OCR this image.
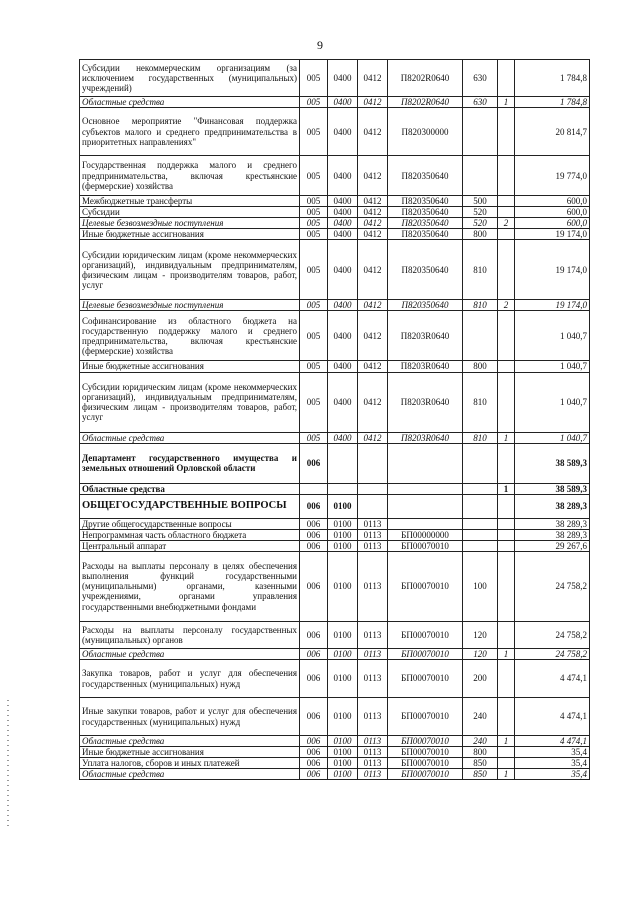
9
Субсидии некоммерческим организациям (за исключением государственных (муниципальных) учреждений)	005	0400	0412	П8202R0640	630		1 784,8
Областные средства	005	0400	0412	П8202R0640	630	1	1 784,8
Основное мероприятие "Финансовая поддержка субъектов малого и среднего предпринимательства в приоритетных направлениях"	005	0400	0412	П820300000			20 814,7
Государственная поддержка малого и среднего предпринимательства, включая крестьянские (фермерские) хозяйства	005	0400	0412	П820350640			19 774,0
Межбюджетные трансферты	005	0400	0412	П820350640	500		600,0
Субсидии	005	0400	0412	П820350640	520		600,0
Целевые безвозмездные поступления	005	0400	0412	П820350640	520	2	600,0
Иные бюджетные ассигнования	005	0400	0412	П820350640	800		19 174,0
Субсидии юридическим лицам (кроме некоммерческих организаций), индивидуальным предпринимателям, физическим лицам - производителям товаров, работ, услуг	005	0400	0412	П820350640	810		19 174,0
Целевые безвозмездные поступления	005	0400	0412	П820350640	810	2	19 174,0
Софинансирование из областного бюджета на государственную поддержку малого и среднего предпринимательства, включая крестьянские (фермерские) хозяйства	005	0400	0412	П8203R0640			1 040,7
Иные бюджетные ассигнования	005	0400	0412	П8203R0640	800		1 040,7
Субсидии юридическим лицам (кроме некоммерческих организаций), индивидуальным предпринимателям, физическим лицам - производителям товаров, работ, услуг	005	0400	0412	П8203R0640	810		1 040,7
Областные средства	005	0400	0412	П8203R0640	810	1	1 040,7
Департамент государственного имущества и земельных отношений Орловской области	006						38 589,3
Областные средства						1	38 589,3
ОБЩЕГОСУДАРСТВЕННЫЕ ВОПРОСЫ	006	0100					38 289,3
Другие общегосударственные вопросы	006	0100	0113				38 289,3
Непрограммная часть областного бюджета	006	0100	0113	БП00000000			38 289,3
Центральный аппарат	006	0100	0113	БП00070010			29 267,6
Расходы на выплаты персоналу в целях обеспечения выполнения функций государственными (муниципальными) органами, казенными учреждениями, органами управления государственными внебюджетными фондами	006	0100	0113	БП00070010	100		24 758,2
Расходы на выплаты персоналу государственных (муниципальных) органов	006	0100	0113	БП00070010	120		24 758,2
Областные средства	006	0100	0113	БП00070010	120	1	24 758,2
Закупка товаров, работ и услуг для обеспечения государственных (муниципальных) нужд	006	0100	0113	БП00070010	200		4 474,1
Иные закупки товаров, работ и услуг для обеспечения государственных (муниципальных) нужд	006	0100	0113	БП00070010	240		4 474,1
Областные средства	006	0100	0113	БП00070010	240	1	4 474,1
Иные бюджетные ассигнования	006	0100	0113	БП00070010	800		35,4
Уплата налогов, сборов и иных платежей	006	0100	0113	БП00070010	850		35,4
Областные средства	006	0100	0113	БП00070010	850	1	35,4
